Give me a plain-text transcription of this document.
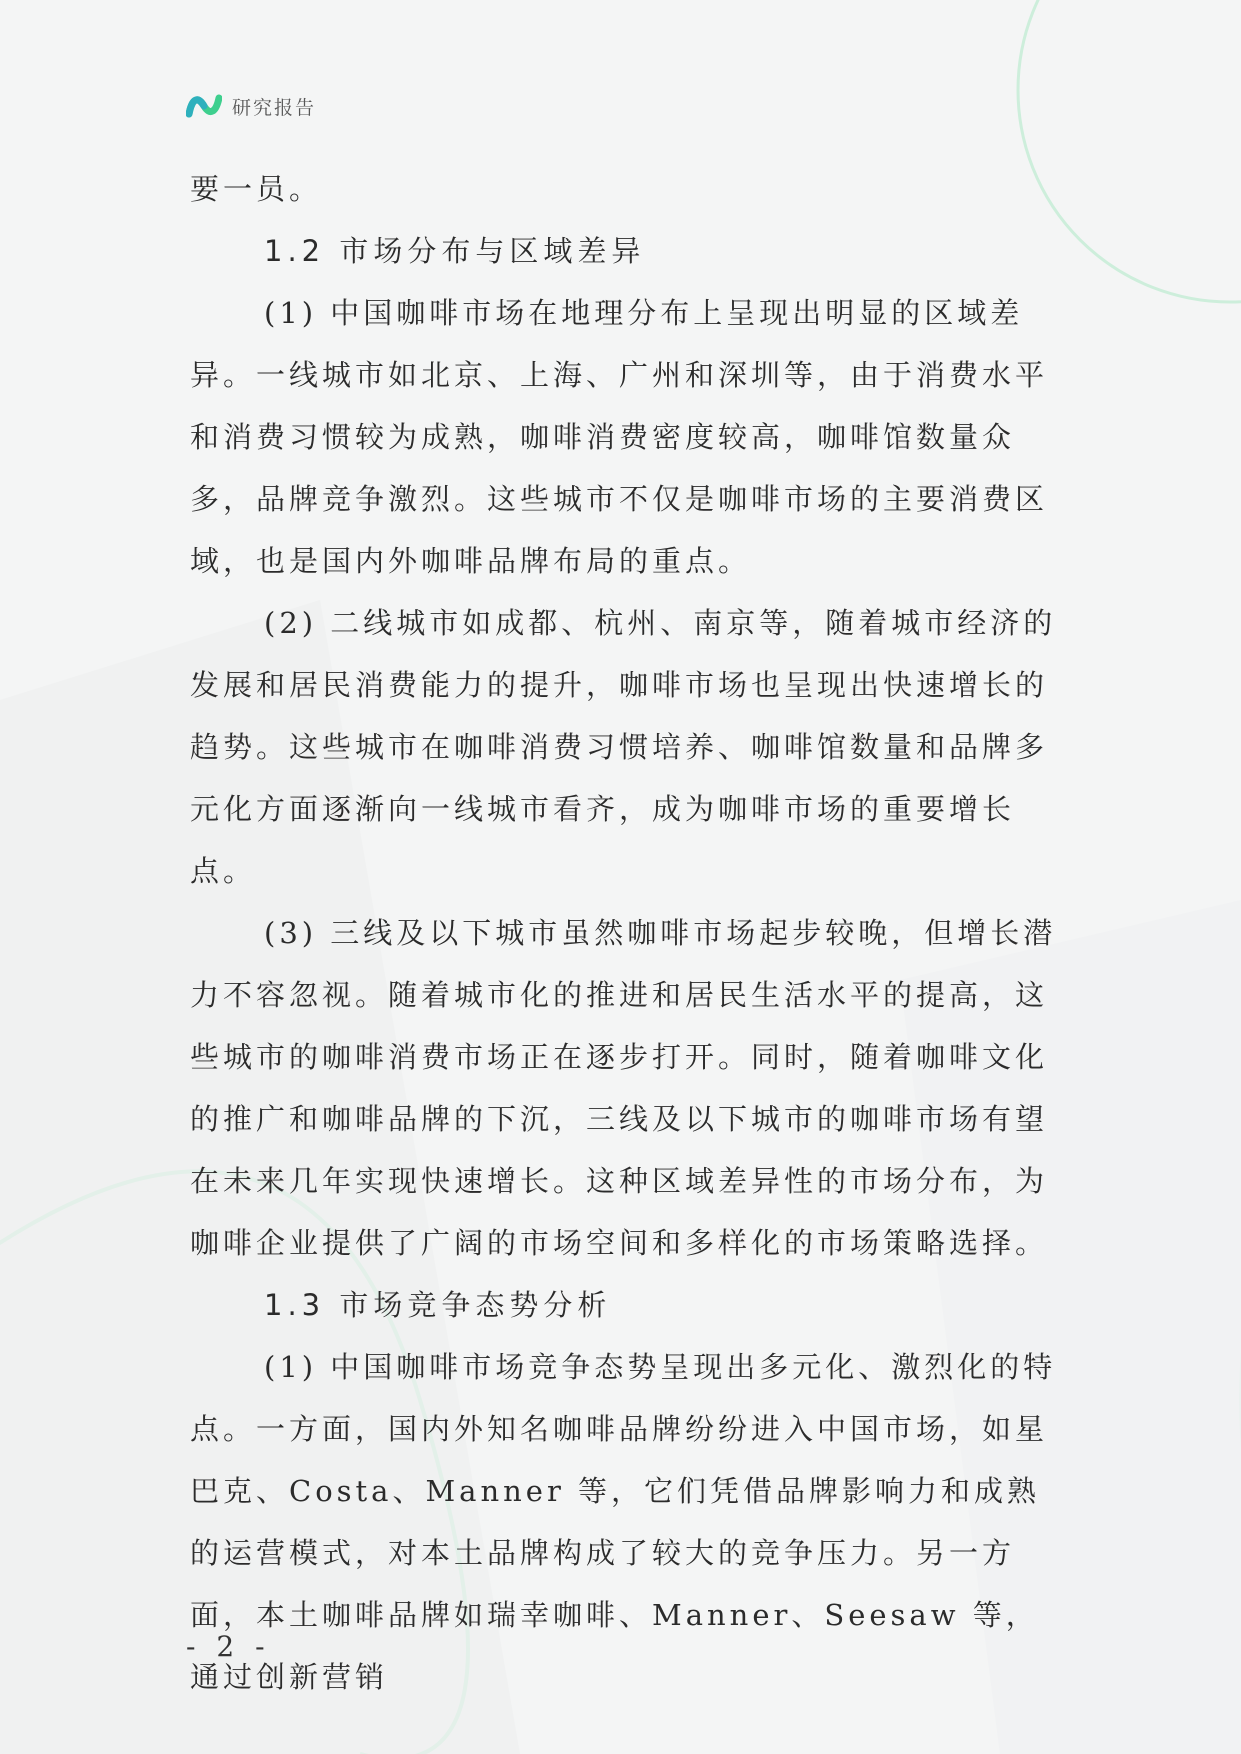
研究报告

要一员。

1.2 市场分布与区域差异

(1) 中国咖啡市场在地理分布上呈现出明显的区域差异。一线城市如北京、上海、广州和深圳等，由于消费水平和消费习惯较为成熟，咖啡消费密度较高，咖啡馆数量众多，品牌竞争激烈。这些城市不仅是咖啡市场的主要消费区域，也是国内外咖啡品牌布局的重点。

(2) 二线城市如成都、杭州、南京等，随着城市经济的发展和居民消费能力的提升，咖啡市场也呈现出快速增长的趋势。这些城市在咖啡消费习惯培养、咖啡馆数量和品牌多元化方面逐渐向一线城市看齐，成为咖啡市场的重要增长点。

(3) 三线及以下城市虽然咖啡市场起步较晚，但增长潜力不容忽视。随着城市化的推进和居民生活水平的提高，这些城市的咖啡消费市场正在逐步打开。同时，随着咖啡文化的推广和咖啡品牌的下沉，三线及以下城市的咖啡市场有望在未来几年实现快速增长。这种区域差异性的市场分布，为咖啡企业提供了广阔的市场空间和多样化的市场策略选择。

1.3 市场竞争态势分析

(1) 中国咖啡市场竞争态势呈现出多元化、激烈化的特点。一方面，国内外知名咖啡品牌纷纷进入中国市场，如星巴克、Costa、Manner 等，它们凭借品牌影响力和成熟的运营模式，对本土品牌构成了较大的竞争压力。另一方面，本土咖啡品牌如瑞幸咖啡、Manner、Seesaw 等，通过创新营销

- 2 -
